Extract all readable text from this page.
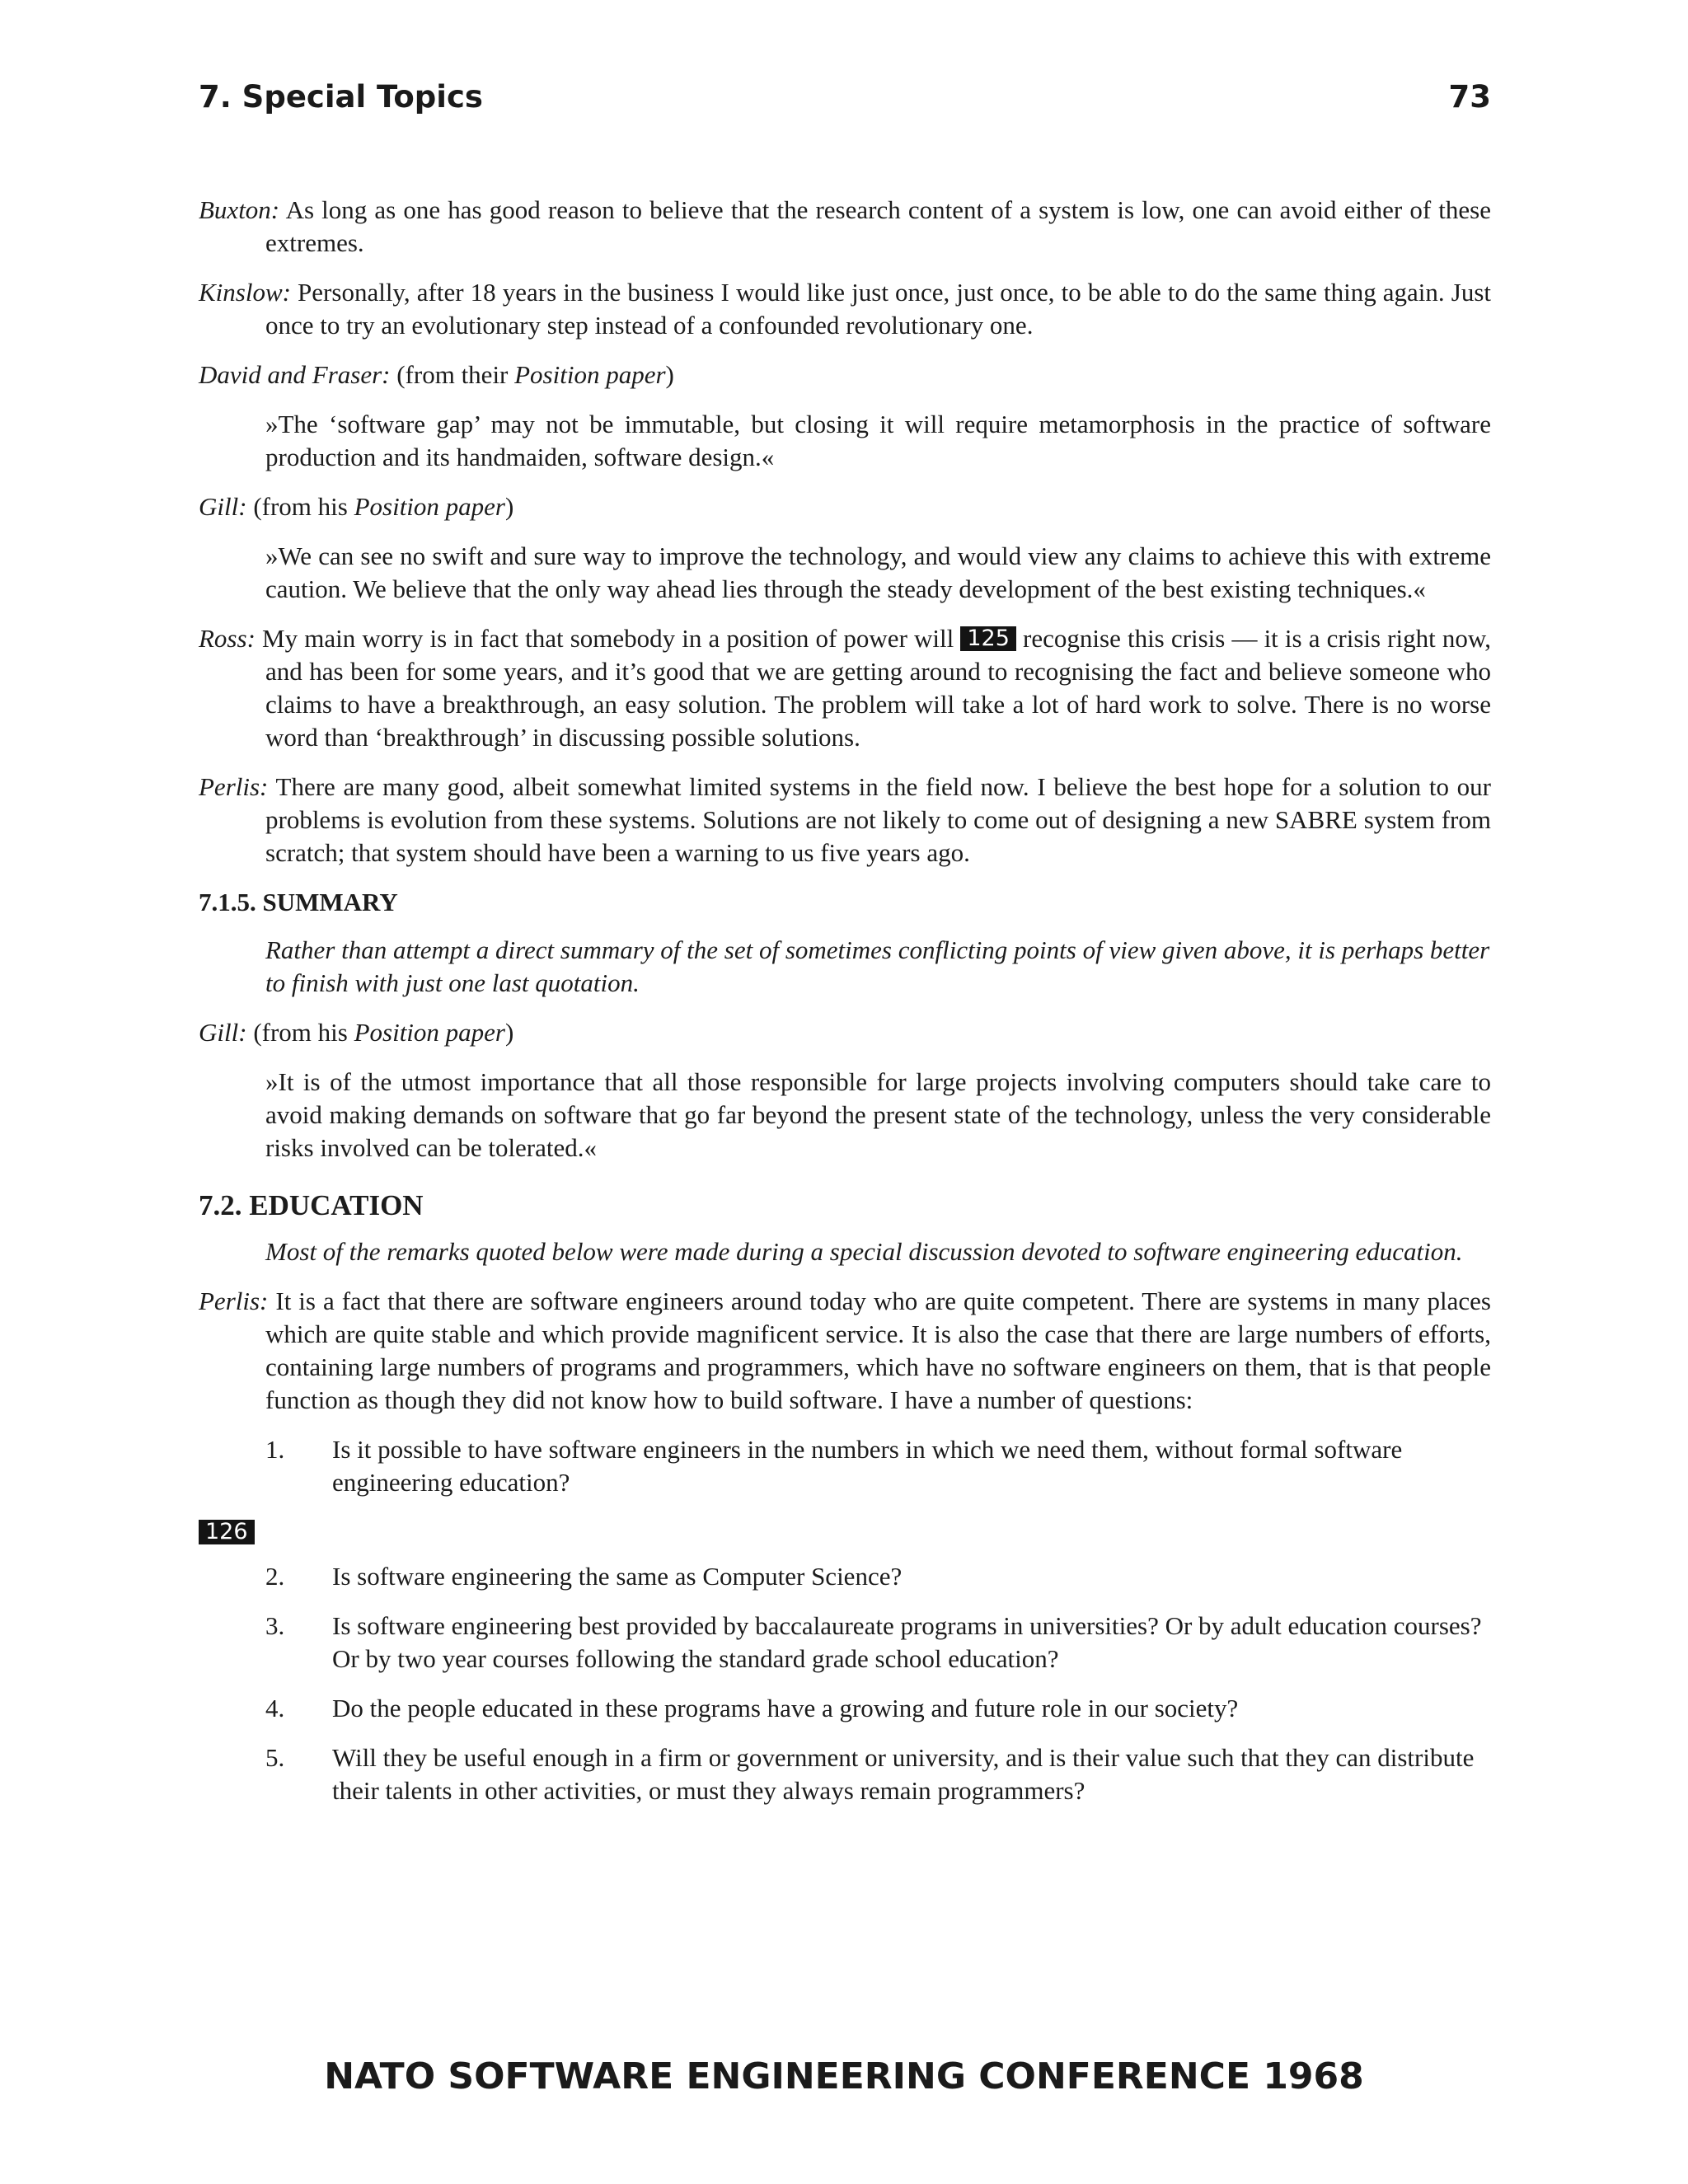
7. Special Topics	73

Buxton: As long as one has good reason to believe that the research content of a system is low, one can avoid either of these extremes.

Kinslow: Personally, after 18 years in the business I would like just once, just once, to be able to do the same thing again. Just once to try an evolutionary step instead of a confounded revolutionary one.

David and Fraser: (from their Position paper)

»The ‘software gap’ may not be immutable, but closing it will require metamorphosis in the practice of software production and its handmaiden, software design.«

Gill: (from his Position paper)

»We can see no swift and sure way to improve the technology, and would view any claims to achieve this with extreme caution. We believe that the only way ahead lies through the steady development of the best existing techniques.«

Ross: My main worry is in fact that somebody in a position of power will 125 recognise this crisis — it is a crisis right now, and has been for some years, and it’s good that we are getting around to recognising the fact and believe someone who claims to have a breakthrough, an easy solution. The problem will take a lot of hard work to solve. There is no worse word than ‘breakthrough’ in discussing possible solutions.

Perlis: There are many good, albeit somewhat limited systems in the field now. I believe the best hope for a solution to our problems is evolution from these systems. Solutions are not likely to come out of designing a new SABRE system from scratch; that system should have been a warning to us five years ago.

7.1.5. SUMMARY

Rather than attempt a direct summary of the set of sometimes conflicting points of view given above, it is perhaps better to finish with just one last quotation.

Gill: (from his Position paper)

»It is of the utmost importance that all those responsible for large projects involving computers should take care to avoid making demands on software that go far beyond the present state of the technology, unless the very considerable risks involved can be tolerated.«

7.2. EDUCATION

Most of the remarks quoted below were made during a special discussion devoted to software engineering education.

Perlis: It is a fact that there are software engineers around today who are quite competent. There are systems in many places which are quite stable and which provide magnificent service. It is also the case that there are large numbers of efforts, containing large numbers of programs and programmers, which have no software engineers on them, that is that people function as though they did not know how to build software. I have a number of questions:

1.	Is it possible to have software engineers in the numbers in which we need them, without formal software engineering education?
126
2.	Is software engineering the same as Computer Science?
3.	Is software engineering best provided by baccalaureate programs in universities? Or by adult education courses? Or by two year courses following the standard grade school education?
4.	Do the people educated in these programs have a growing and future role in our society?
5.	Will they be useful enough in a firm or government or university, and is their value such that they can distribute their talents in other activities, or must they always remain programmers?
NATO SOFTWARE ENGINEERING CONFERENCE 1968
